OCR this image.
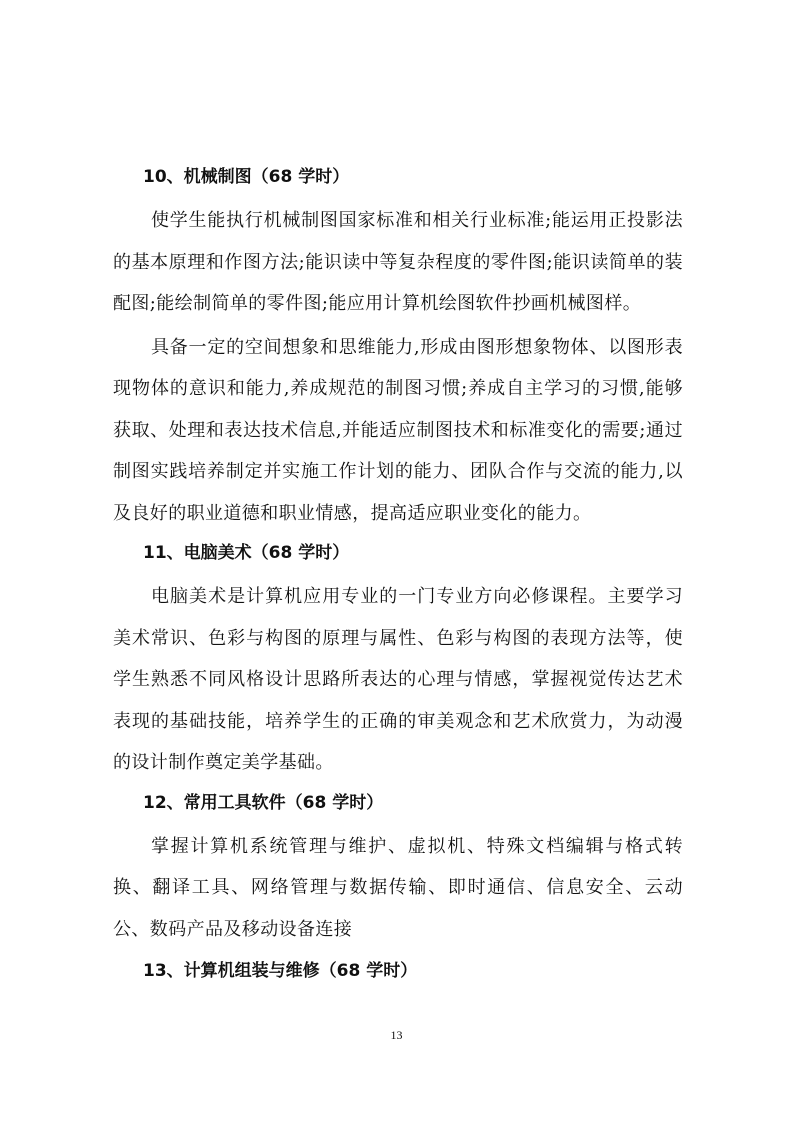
10、机械制图（68 学时）

使学生能执行机械制图国家标准和相关行业标准;能运用正投影法的基本原理和作图方法;能识读中等复杂程度的零件图;能识读简单的装配图;能绘制简单的零件图;能应用计算机绘图软件抄画机械图样。

具备一定的空间想象和思维能力,形成由图形想象物体、以图形表现物体的意识和能力,养成规范的制图习惯;养成自主学习的习惯,能够获取、处理和表达技术信息,并能适应制图技术和标准变化的需要;通过制图实践培养制定并实施工作计划的能力、团队合作与交流的能力,以及良好的职业道德和职业情感，提高适应职业变化的能力。

11、电脑美术（68 学时）

电脑美术是计算机应用专业的一门专业方向必修课程。主要学习美术常识、色彩与构图的原理与属性、色彩与构图的表现方法等，使学生熟悉不同风格设计思路所表达的心理与情感，掌握视觉传达艺术表现的基础技能，培养学生的正确的审美观念和艺术欣赏力，为动漫的设计制作奠定美学基础。

12、常用工具软件（68 学时）

掌握计算机系统管理与维护、虚拟机、特殊文档编辑与格式转换、翻译工具、网络管理与数据传输、即时通信、信息安全、云动公、数码产品及移动设备连接

13、计算机组装与维修（68 学时）
13
